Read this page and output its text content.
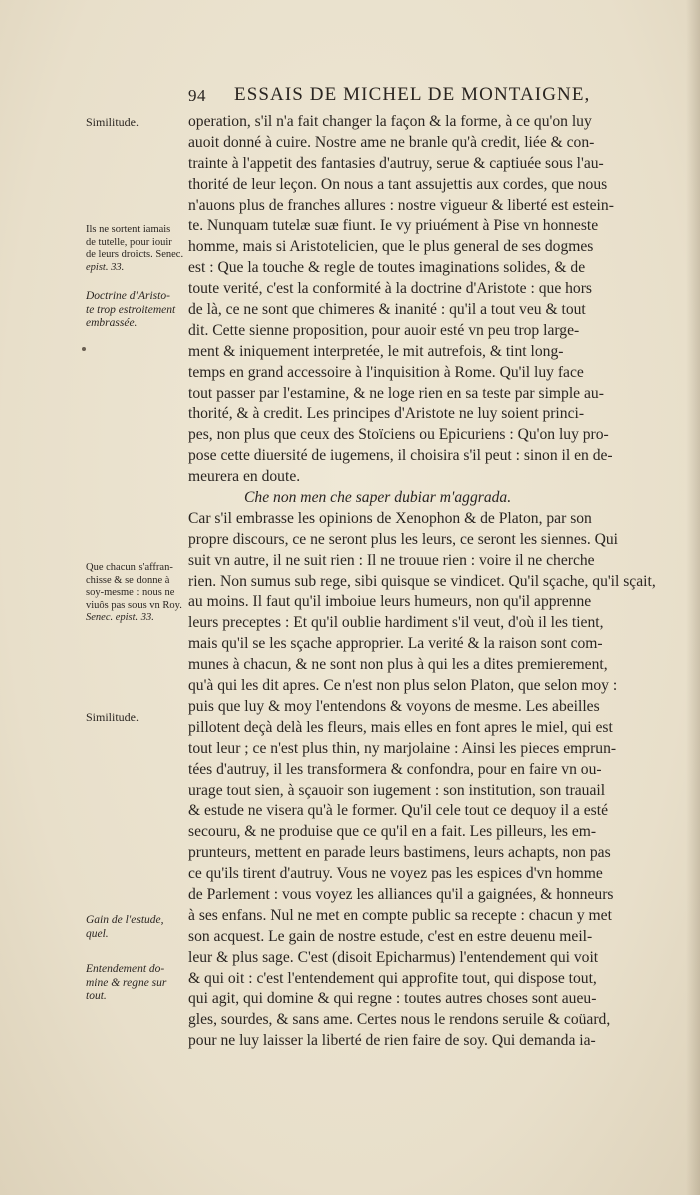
94 ESSAIS DE MICHEL DE MONTAIGNE,
Similitude.
Ils ne sortent iamais
de tutelle, pour iouir
de leurs droicts. Senec.
epist. 33.
Doctrine d'Aristo-
te trop estroitement
embrassée.
Que chacun s'affran-
chisse & se donne à
soy-mesme : nous ne
viuôs pas sous vn Roy.
Senec. epist. 33.
Similitude.
Gain de l'estude,
quel.
Entendement do-
mine & regne sur
tout.
operation, s'il n'a fait changer la façon & la forme, à ce qu'on luy
auoit donné à cuire. Nostre ame ne branle qu'à credit, liée & con-
trainte à l'appetit des fantasies d'autruy, serue & captiuée sous l'au-
thorité de leur leçon. On nous a tant assujettis aux cordes, que nous
n'auons plus de franches allures : nostre vigueur & liberté est estein-
te. Nunquam tutelæ suæ fiunt. Ie vy priuément à Pise vn honneste
homme, mais si Aristotelicien, que le plus general de ses dogmes
est : Que la touche & regle de toutes imaginations solides, & de
toute verité, c'est la conformité à la doctrine d'Aristote : que hors
de là, ce ne sont que chimeres & inanité : qu'il a tout veu & tout
dit. Cette sienne proposition, pour auoir esté vn peu trop large-
ment & iniquement interpretée, le mit autrefois, & tint long-
temps en grand accessoire à l'inquisition à Rome. Qu'il luy face
tout passer par l'estamine, & ne loge rien en sa teste par simple au-
thorité, & à credit. Les principes d'Aristote ne luy soient princi-
pes, non plus que ceux des Stoïciens ou Epicuriens : Qu'on luy pro-
pose cette diuersité de iugemens, il choisira s'il peut : sinon il en de-
meurera en doute.
Che non men che saper dubiar m'aggrada.
Car s'il embrasse les opinions de Xenophon & de Platon, par son
propre discours, ce ne seront plus les leurs, ce seront les siennes. Qui
suit vn autre, il ne suit rien : Il ne trouue rien : voire il ne cherche
rien. Non sumus sub rege, sibi quisque se vindicet. Qu'il sçache, qu'il sçait,
au moins. Il faut qu'il imboiue leurs humeurs, non qu'il apprenne
leurs preceptes : Et qu'il oublie hardiment s'il veut, d'où il les tient,
mais qu'il se les sçache approprier. La verité & la raison sont com-
munes à chacun, & ne sont non plus à qui les a dites premierement,
qu'à qui les dit apres. Ce n'est non plus selon Platon, que selon moy :
puis que luy & moy l'entendons & voyons de mesme. Les abeilles
pillotent deçà delà les fleurs, mais elles en font apres le miel, qui est
tout leur ; ce n'est plus thin, ny marjolaine : Ainsi les pieces emprun-
tées d'autruy, il les transformera & confondra, pour en faire vn ou-
urage tout sien, à sçauoir son iugement : son institution, son trauail
& estude ne visera qu'à le former. Qu'il cele tout ce dequoy il a esté
secouru, & ne produise que ce qu'il en a fait. Les pilleurs, les em-
prunteurs, mettent en parade leurs bastimens, leurs achapts, non pas
ce qu'ils tirent d'autruy. Vous ne voyez pas les espices d'vn homme
de Parlement : vous voyez les alliances qu'il a gaignées, & honneurs
à ses enfans. Nul ne met en compte public sa recepte : chacun y met
son acquest. Le gain de nostre estude, c'est en estre deuenu meil-
leur & plus sage. C'est (disoit Epicharmus) l'entendement qui voit
& qui oit : c'est l'entendement qui approfite tout, qui dispose tout,
qui agit, qui domine & qui regne : toutes autres choses sont aueu-
gles, sourdes, & sans ame. Certes nous le rendons seruile & coüard,
pour ne luy laisser la liberté de rien faire de soy. Qui demanda ia-
